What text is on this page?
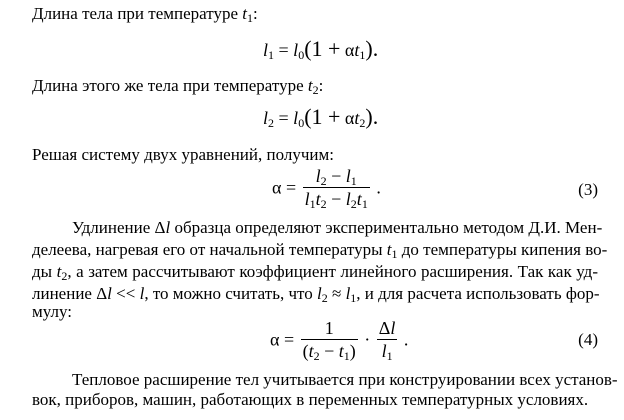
Длина тела при температуре $t_1$:
$l_1 = l_0(1 + \alpha t_1)$.
Длина этого же тела при температуре $t_2$:
$l_2 = l_0(1 + \alpha t_2)$.
Решая систему двух уравнений, получим:
$\alpha = \frac{l_2 - l_1}{l_1t_2 - l_2t_1}$ .	(3)
Удлинение Δl образца определяют экспериментально методом Д.И. Мен-
делеева, нагревая его от начальной температуры $t_1$ до температуры кипения во-
ды $t_2$, а затем рассчитывают коэффициент линейного расширения. Так как уд-
линение Δl << l, то можно считать, что $l_2 \approx l_1$, и для расчета использовать фор-
мулу:
$\alpha = \frac{1}{(t_2 - t_1)} \cdot \frac{\Delta l}{l_1}$ .	(4)
Тепловое расширение тел учитывается при конструировании всех установ-
вок, приборов, машин, работающих в переменных температурных условиях.
